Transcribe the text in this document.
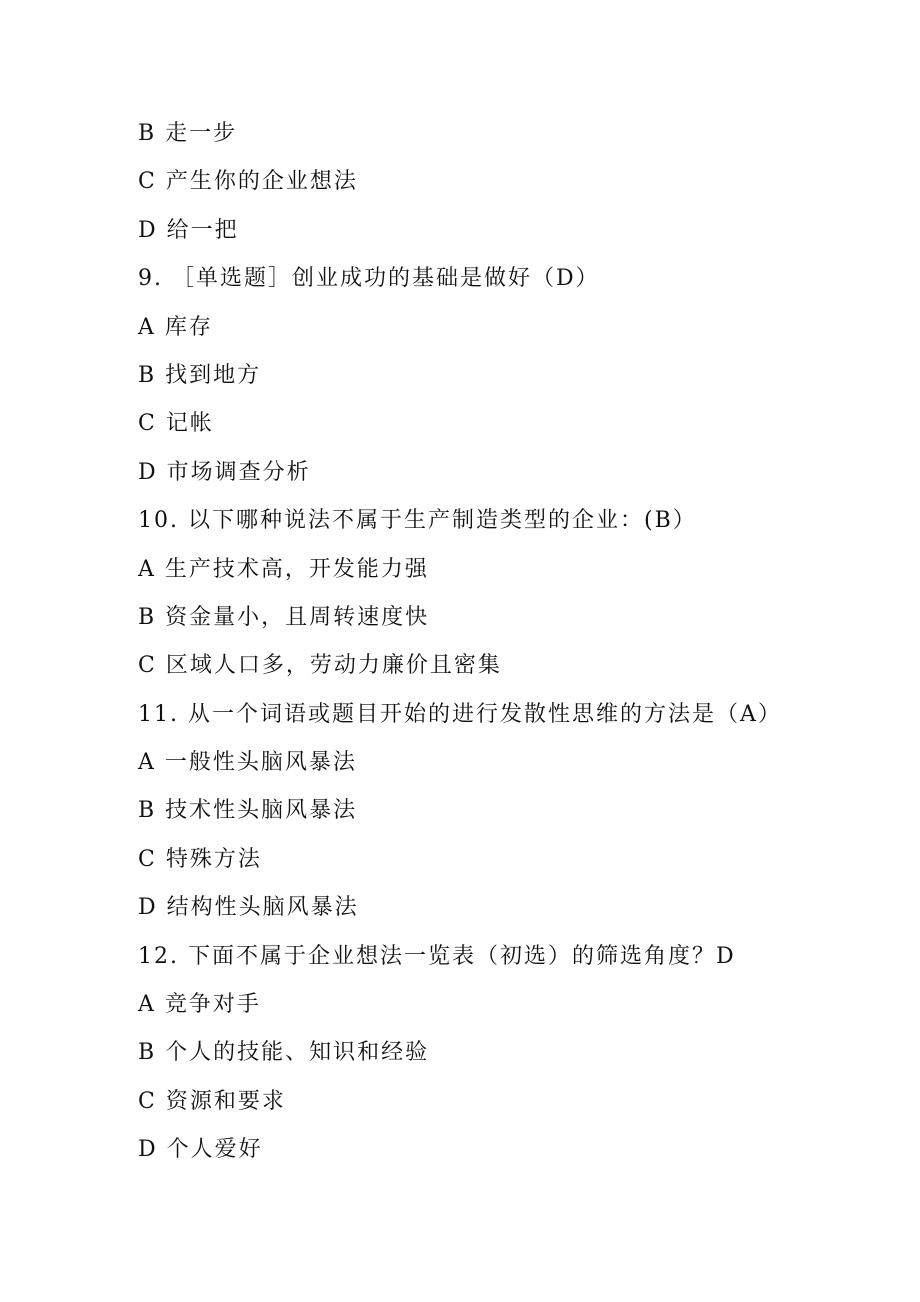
B 走一步
C 产生你的企业想法
D 给一把
9. ［单选题］创业成功的基础是做好（D）
A 库存
B 找到地方
C 记帐
D 市场调查分析
10. 以下哪种说法不属于生产制造类型的企业：(B）
A 生产技术高，开发能力强
B 资金量小，且周转速度快
C 区域人口多，劳动力廉价且密集
11. 从一个词语或题目开始的进行发散性思维的方法是（A）
A 一般性头脑风暴法
B 技术性头脑风暴法
C 特殊方法
D 结构性头脑风暴法
12. 下面不属于企业想法一览表（初选）的筛选角度？D
A 竞争对手
B 个人的技能、知识和经验
C 资源和要求
D 个人爱好
